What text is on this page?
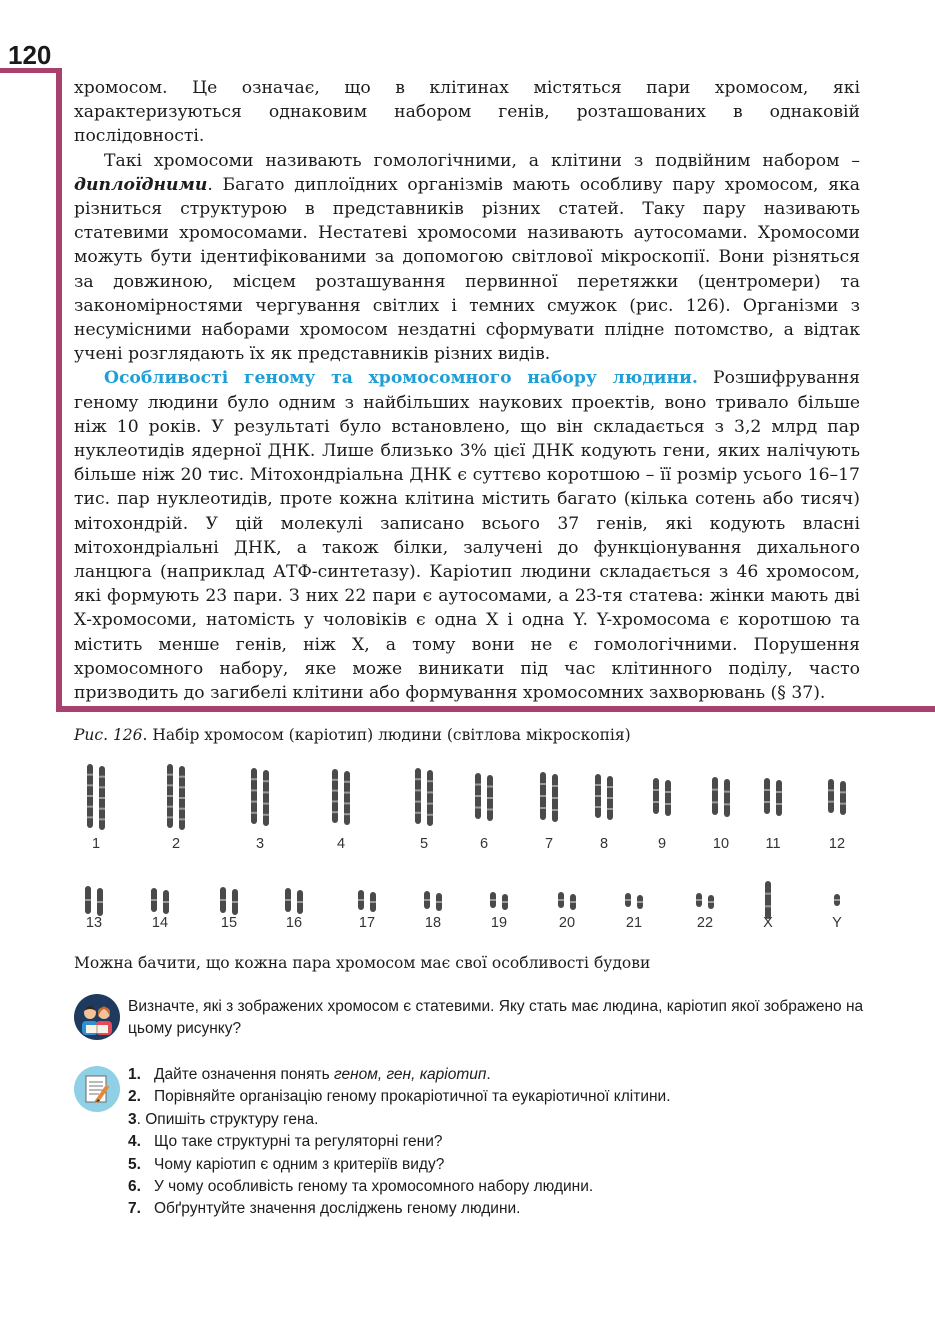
120

хромосом. Це означає, що в клітинах містяться пари хромосом, які характеризуються однаковим набором генів, розташованих в однаковій послідовності.

Такі хромосоми називають гомологічними, а клітини з подвійним набором – диплоїдними. Багато диплоїдних організмів мають особливу пару хромосом, яка різниться структурою в представників різних статей. Таку пару називають статевими хромосомами. Нестатеві хромосоми називають аутосомами. Хромосоми можуть бути ідентифікованими за допомогою світлової мікроскопії. Вони різняться за довжиною, місцем розташування первинної перетяжки (центромери) та закономірностями чергування світлих і темних смужок (рис. 126). Організми з несумісними наборами хромосом нездатні сформувати плідне потомство, а відтак учені розглядають їх як представників різних видів.

Особливості геному та хромосомного набору людини. Розшифрування геному людини було одним з найбільших наукових проектів, воно тривало більше ніж 10 років. У результаті було встановлено, що він складається з 3,2 млрд пар нуклеотидів ядерної ДНК. Лише близько 3% цієї ДНК кодують гени, яких налічують більше ніж 20 тис. Мітохондріальна ДНК є суттєво коротшою – її розмір усього 16–17 тис. пар нуклеотидів, проте кожна клітина містить багато (кілька сотень або тисяч) мітохондрій. У цій молекулі записано всього 37 генів, які кодують власні мітохондріальні ДНК, а також білки, залучені до функціонування дихального ланцюга (наприклад АТФ-синтетазу). Каріотип людини складається з 46 хромосом, які формують 23 пари. З них 22 пари є аутосомами, а 23-тя статева: жінки мають дві Х-хромосоми, натомість у чоловіків є одна Х і одна Y. Y-хромосома є коротшою та містить менше генів, ніж Х, а тому вони не є гомологічними. Порушення хромосомного набору, яке може виникати під час клітинного поділу, часто призводить до загибелі клітини або формування хромосомних захворювань (§ 37).

Рис. 126. Набір хромосом (каріотип) людини (світлова мікроскопія)
1	2	3	4	5	6	7	8	9	10	11	12
13	14	15	16	17	18	19	20	21	22	X	Y
Можна бачити, що кожна пара хромосом має свої особливості будови
Визначте, які з зображених хромосом є статевими. Яку стать має людина, каріотип якої зображено на цьому рисунку?
1. Дайте означення понять геном, ген, каріотип.
2. Порівняйте організацію геному прокаріотичної та еукаріотичної клітини.
3. Опишіть структуру гена.
4. Що таке структурні та регуляторні гени?
5. Чому каріотип є одним з критеріїв виду?
6. У чому особливість геному та хромосомного набору людини.
7. Обґрунтуйте значення досліджень геному людини.
